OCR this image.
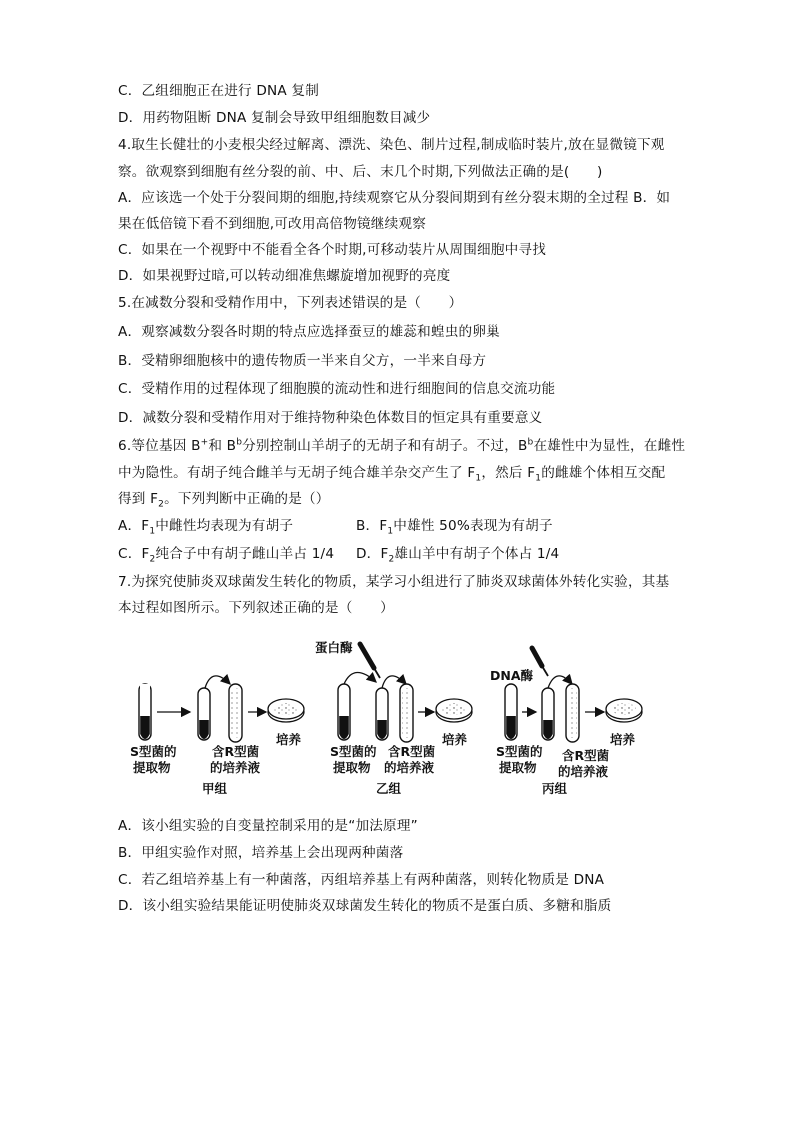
C．乙组细胞正在进行 DNA 复制
D．用药物阻断 DNA 复制会导致甲组细胞数目减少
4.取生长健壮的小麦根尖经过解离、漂洗、染色、制片过程,制成临时装片,放在显微镜下观
察。欲观察到细胞有丝分裂的前、中、后、末几个时期,下列做法正确的是(　　)
A．应该选一个处于分裂间期的细胞,持续观察它从分裂间期到有丝分裂末期的全过程 B．如
果在低倍镜下看不到细胞,可改用高倍物镜继续观察
C．如果在一个视野中不能看全各个时期,可移动装片从周围细胞中寻找
D．如果视野过暗,可以转动细准焦螺旋增加视野的亮度
5.在减数分裂和受精作用中，下列表述错误的是（　　）
A．观察减数分裂各时期的特点应选择蚕豆的雄蕊和蝗虫的卵巢
B．受精卵细胞核中的遗传物质一半来自父方，一半来自母方
C．受精作用的过程体现了细胞膜的流动性和进行细胞间的信息交流功能
D．减数分裂和受精作用对于维持物种染色体数目的恒定具有重要意义
6.等位基因 B+和 $B^b$分别控制山羊胡子的无胡子和有胡子。不过，$B^b$在雄性中为显性，在雌性
中为隐性。有胡子纯合雌羊与无胡子纯合雄羊杂交产生了 $F_1$，然后 $F_1$的雌雄个体相互交配
得到 $F_2$。下列判断中正确的是（）
A．$F_1$中雌性均表现为有胡子	B．$F_1$中雄性 50%表现为有胡子
C．$F_2$纯合子中有胡子雌山羊占 1/4 D．$F_2$雄山羊中有胡子个体占 1/4
7.为探究使肺炎双球菌发生转化的物质，某学习小组进行了肺炎双球菌体外转化实验，其基
本过程如图所示。下列叙述正确的是（　　）
S型菌的
提取物
含R型菌
的培养液
培养
甲组
蛋白酶
S型菌的
提取物
含R型菌
的培养液
培养
乙组
DNA酶
S型菌的
提取物
含R型菌
的培养液
培养
丙组
A．该小组实验的自变量控制采用的是“加法原理”
B．甲组实验作对照，培养基上会出现两种菌落
C．若乙组培养基上有一种菌落，丙组培养基上有两种菌落，则转化物质是 DNA
D．该小组实验结果能证明使肺炎双球菌发生转化的物质不是蛋白质、多糖和脂质
